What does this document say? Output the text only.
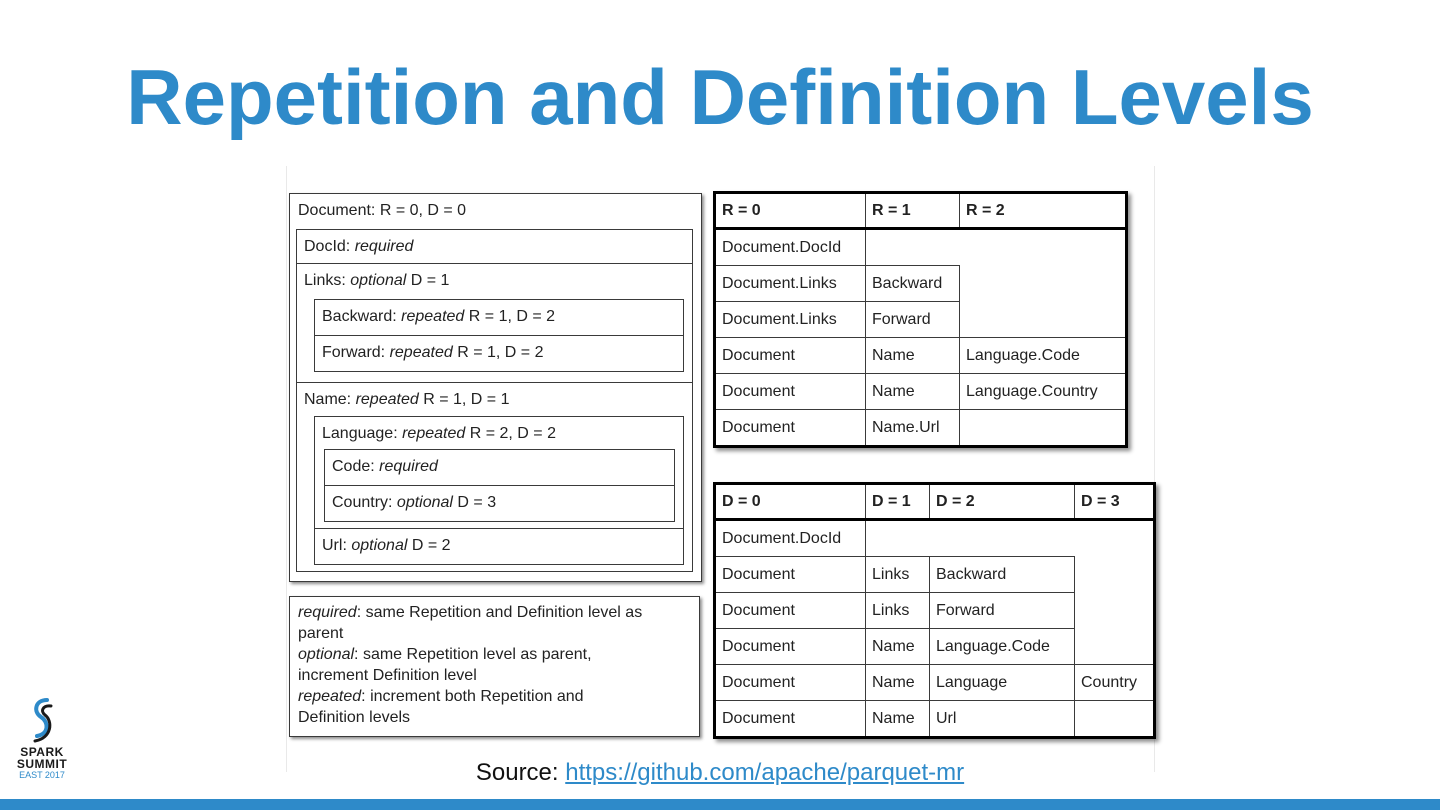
Repetition and Definition Levels
Document: R = 0, D = 0
DocId: required
Links: optional D = 1
Backward: repeated R = 1, D = 2
Forward: repeated R = 1, D = 2
Name: repeated R = 1, D = 1
Language: repeated R = 2, D = 2
Code: required
Country: optional D = 3
Url: optional D = 2
required: same Repetition and Definition level as
parent
optional: same Repetition level as parent,
increment Definition level
repeated: increment both Repetition and
Definition levels
R = 0	R = 1	R = 2
Document.DocId		
Document.Links	Backward	
Document.Links	Forward	
Document	Name	Language.Code
Document	Name	Language.Country
Document	Name.Url	
D = 0	D = 1	D = 2	D = 3
Document.DocId			
Document	Links	Backward	
Document	Links	Forward	
Document	Name	Language.Code	
Document	Name	Language	Country
Document	Name	Url	
Source: https://github.com/apache/parquet-mr
SPARK
SUMMIT
EAST 2017
